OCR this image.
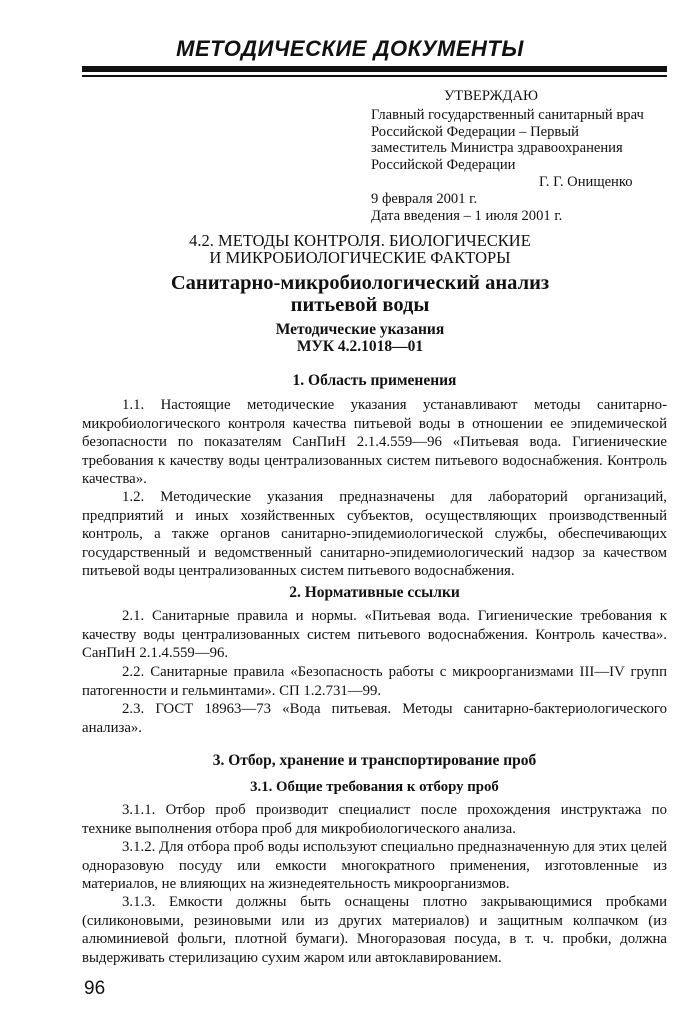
МЕТОДИЧЕСКИЕ ДОКУМЕНТЫ
УТВЕРЖДАЮ
Главный государственный санитарный врач
Российской Федерации – Первый
заместитель Министра здравоохранения
Российской Федерации
Г. Г. Онищенко
9 февраля 2001 г.
Дата введения – 1 июля 2001 г.
4.2. МЕТОДЫ КОНТРОЛЯ. БИОЛОГИЧЕСКИЕ
И МИКРОБИОЛОГИЧЕСКИЕ ФАКТОРЫ
Санитарно-микробиологический анализ
питьевой воды
Методические указания
МУК 4.2.1018—01
1. Область применения

1.1. Настоящие методические указания устанавливают методы санитарно-микробиологического контроля качества питьевой воды в отношении ее эпидемической безопасности по показателям СанПиН 2.1.4.559—96 «Питьевая вода. Гигиенические требования к качеству воды централизованных систем питьевого водоснабжения. Контроль качества».

1.2. Методические указания предназначены для лабораторий организаций, предприятий и иных хозяйственных субъектов, осуществляющих производственный контроль, а также органов санитарно-эпидемиологической службы, обеспечивающих государственный и ведомственный санитарно-эпидемиологический надзор за качеством питьевой воды централизованных систем питьевого водоснабжения.

2. Нормативные ссылки

2.1. Санитарные правила и нормы. «Питьевая вода. Гигиенические требования к качеству воды централизованных систем питьевого водоснабжения. Контроль качества». СанПиН 2.1.4.559—96.

2.2. Санитарные правила «Безопасность работы с микроорганизмами III—IV групп патогенности и гельминтами». СП 1.2.731—99.

2.3. ГОСТ 18963—73 «Вода питьевая. Методы санитарно-бактериологического анализа».

3. Отбор, хранение и транспортирование проб
3.1. Общие требования к отбору проб

3.1.1. Отбор проб производит специалист после прохождения инструктажа по технике выполнения отбора проб для микробиологического анализа.

3.1.2. Для отбора проб воды используют специально предназначенную для этих целей одноразовую посуду или емкости многократного применения, изготовленные из материалов, не влияющих на жизнедеятельность микроорганизмов.

3.1.3. Емкости должны быть оснащены плотно закрывающимися пробками (силиконовыми, резиновыми или из других материалов) и защитным колпачком (из алюминиевой фольги, плотной бумаги). Многоразовая посуда, в т. ч. пробки, должна выдерживать стерилизацию сухим жаром или автоклавированием.

96
